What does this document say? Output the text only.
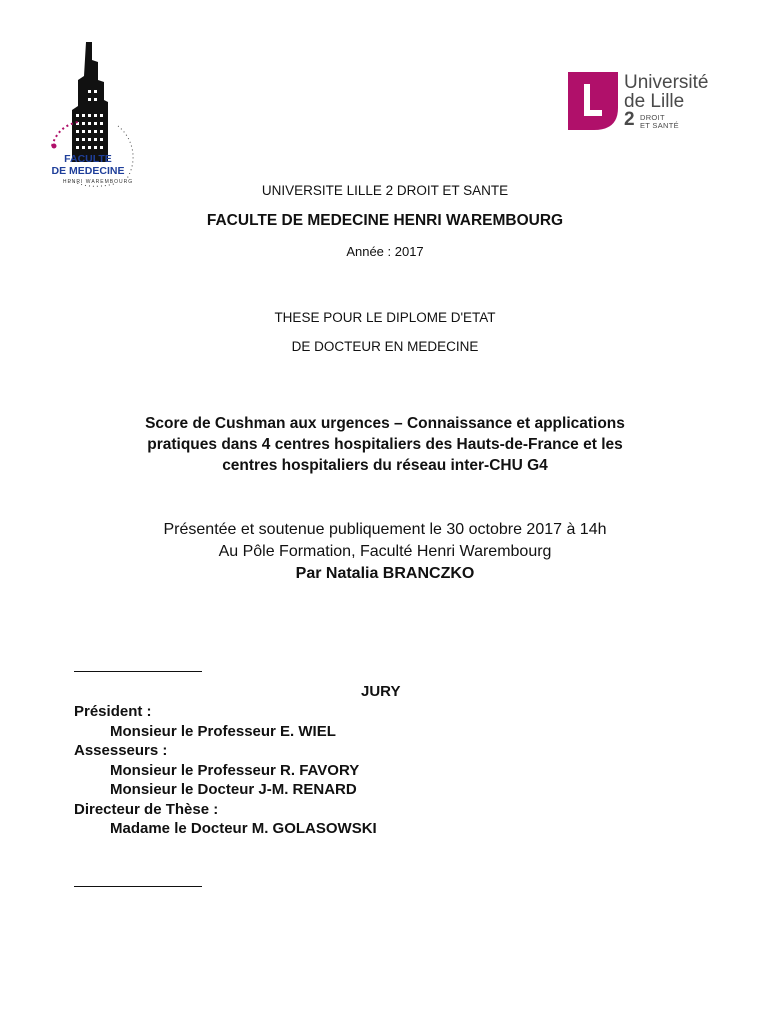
FACULTE
DE MEDECINE
HENRI WAREMBOURG
Université
de Lille
2 DROIT
ET SANTÉ
UNIVERSITE LILLE 2 DROIT ET SANTE
FACULTE DE MEDECINE HENRI WAREMBOURG
Année : 2017
THESE POUR LE DIPLOME D'ETAT
DE DOCTEUR EN MEDECINE
Score de Cushman aux urgences – Connaissance et applications
pratiques dans 4 centres hospitaliers des Hauts-de-France et les
centres hospitaliers du réseau inter-CHU G4
Présentée et soutenue publiquement le 30 octobre 2017 à 14h
Au Pôle Formation, Faculté Henri Warembourg
Par Natalia BRANCZKO
JURY
Président :
Monsieur le Professeur E. WIEL
Assesseurs :
Monsieur le Professeur R. FAVORY
Monsieur le Docteur J-M. RENARD
Directeur de Thèse :
Madame le Docteur M. GOLASOWSKI
